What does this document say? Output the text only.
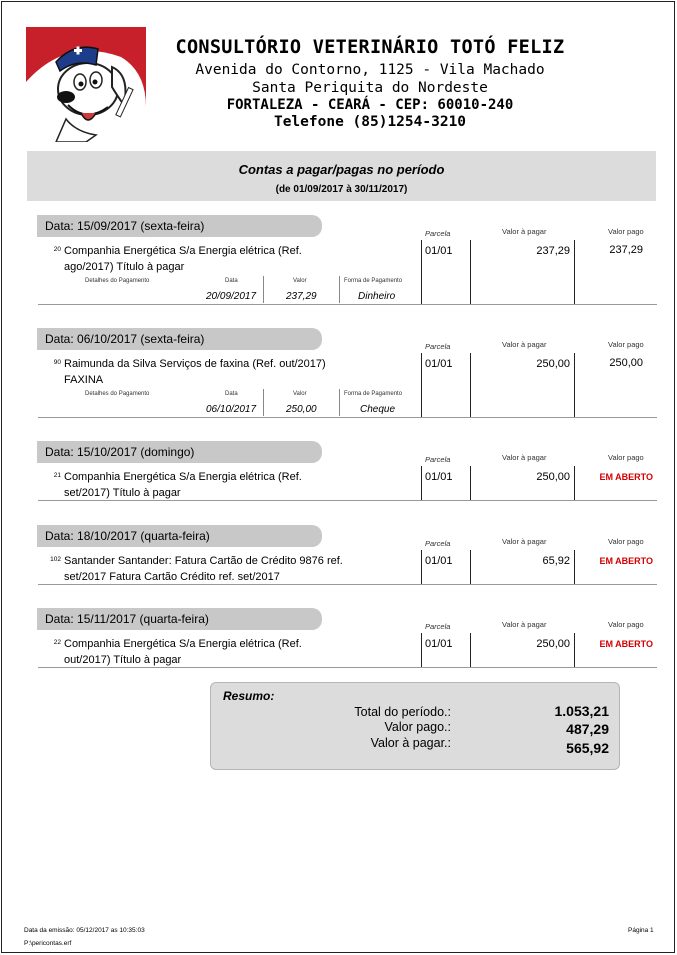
CONSULTÓRIO VETERINÁRIO TOTÓ FELIZ
Avenida do Contorno, 1125 - Vila Machado
Santa Periquita do Nordeste
FORTALEZA - CEARÁ - CEP: 60010-240
Telefone (85)1254-3210
Contas a pagar/pagas no período
(de 01/09/2017 à 30/11/2017)
Data: 15/09/2017 (sexta-feira)
Parcela	Valor à pagar	Valor pago
20 Companhia Energética S/a Energia elétrica (Ref. ago/2017) Título à pagar
01/01	237,29	237,29
Detalhes do Pagamento	Data	Valor	Forma de Pagamento
20/09/2017	237,29	Dinheiro
Data: 06/10/2017 (sexta-feira)
Parcela	Valor à pagar	Valor pago
90 Raimunda da Silva Serviços de faxina (Ref. out/2017) FAXINA
01/01	250,00	250,00
Detalhes do Pagamento	Data	Valor	Forma de Pagamento
06/10/2017	250,00	Cheque
Data: 15/10/2017 (domingo)
Parcela	Valor à pagar	Valor pago
21 Companhia Energética S/a Energia elétrica (Ref. set/2017) Título à pagar
01/01	250,00	EM ABERTO
Data: 18/10/2017 (quarta-feira)
Parcela	Valor à pagar	Valor pago
102 Santander Santander: Fatura Cartão de Crédito 9876 ref. set/2017 Fatura Cartão Crédito ref. set/2017
01/01	65,92	EM ABERTO
Data: 15/11/2017 (quarta-feira)
Parcela	Valor à pagar	Valor pago
22 Companhia Energética S/a Energia elétrica (Ref. out/2017) Título à pagar
01/01	250,00	EM ABERTO
Resumo:
Total do período.:	1.053,21
Valor pago.:	487,29
Valor à pagar.:	565,92
Data da emissão: 05/12/2017 as 10:35:03
P:\pericontas.erf
Página 1
